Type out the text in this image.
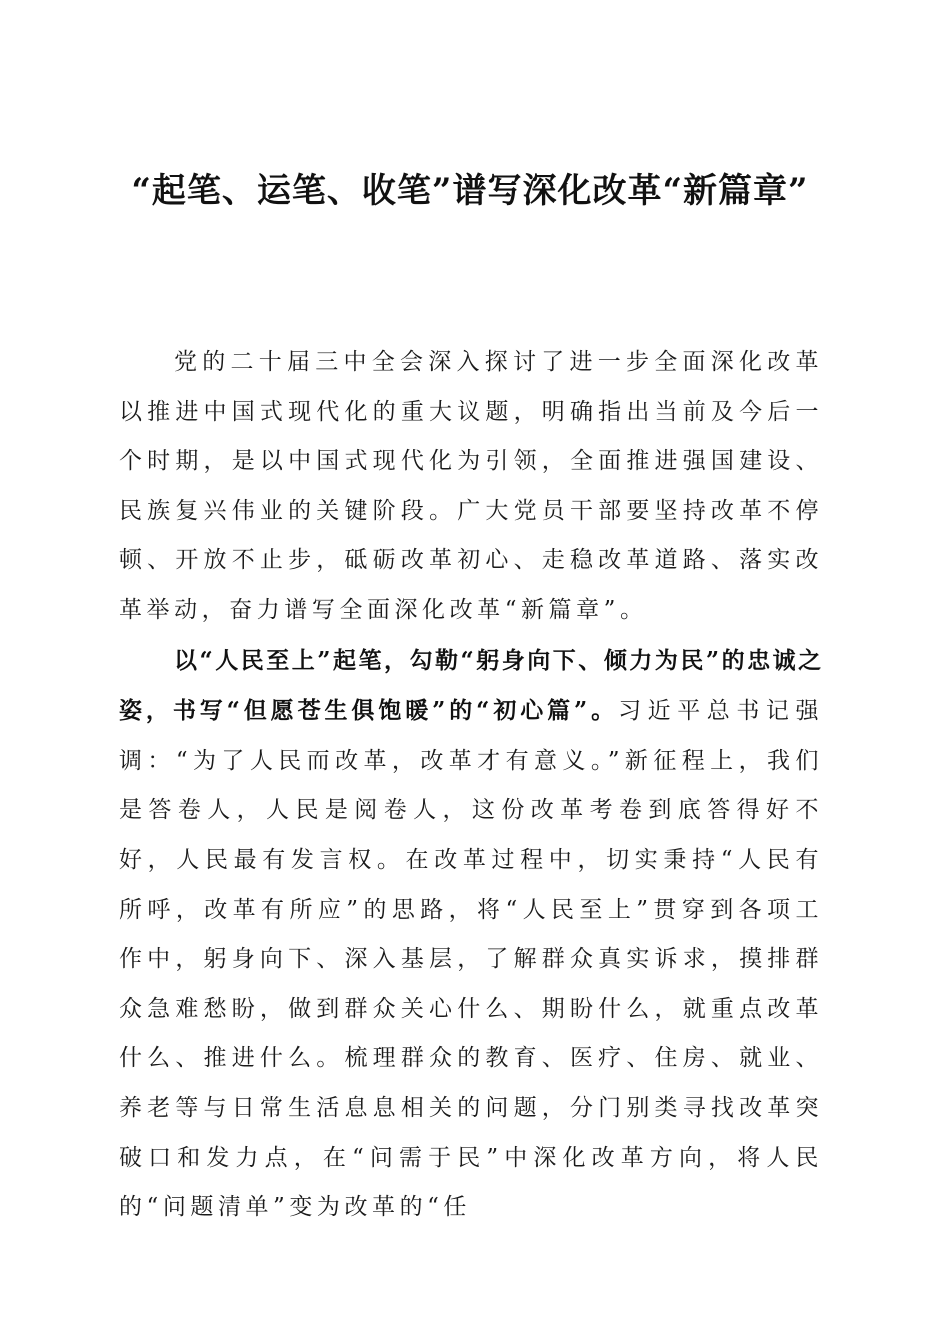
“起笔、运笔、收笔”谱写深化改革“新篇章”

党的二十届三中全会深入探讨了进一步全面深化改革以推进中国式现代化的重大议题，明确指出当前及今后一个时期，是以中国式现代化为引领，全面推进强国建设、民族复兴伟业的关键阶段。广大党员干部要坚持改革不停顿、开放不止步，砥砺改革初心、走稳改革道路、落实改革举动，奋力谱写全面深化改革“新篇章”。

以“人民至上”起笔，勾勒“躬身向下、倾力为民”的忠诚之姿，书写“但愿苍生俱饱暖”的“初心篇”。习近平总书记强调：“为了人民而改革，改革才有意义。”新征程上，我们是答卷人，人民是阅卷人，这份改革考卷到底答得好不好，人民最有发言权。在改革过程中，切实秉持“人民有所呼，改革有所应”的思路，将“人民至上”贯穿到各项工作中，躬身向下、深入基层，了解群众真实诉求，摸排群众急难愁盼，做到群众关心什么、期盼什么，就重点改革什么、推进什么。梳理群众的教育、医疗、住房、就业、养老等与日常生活息息相关的问题，分门别类寻找改革突破口和发力点，在“问需于民”中深化改革方向，将人民的“问题清单”变为改革的“任
